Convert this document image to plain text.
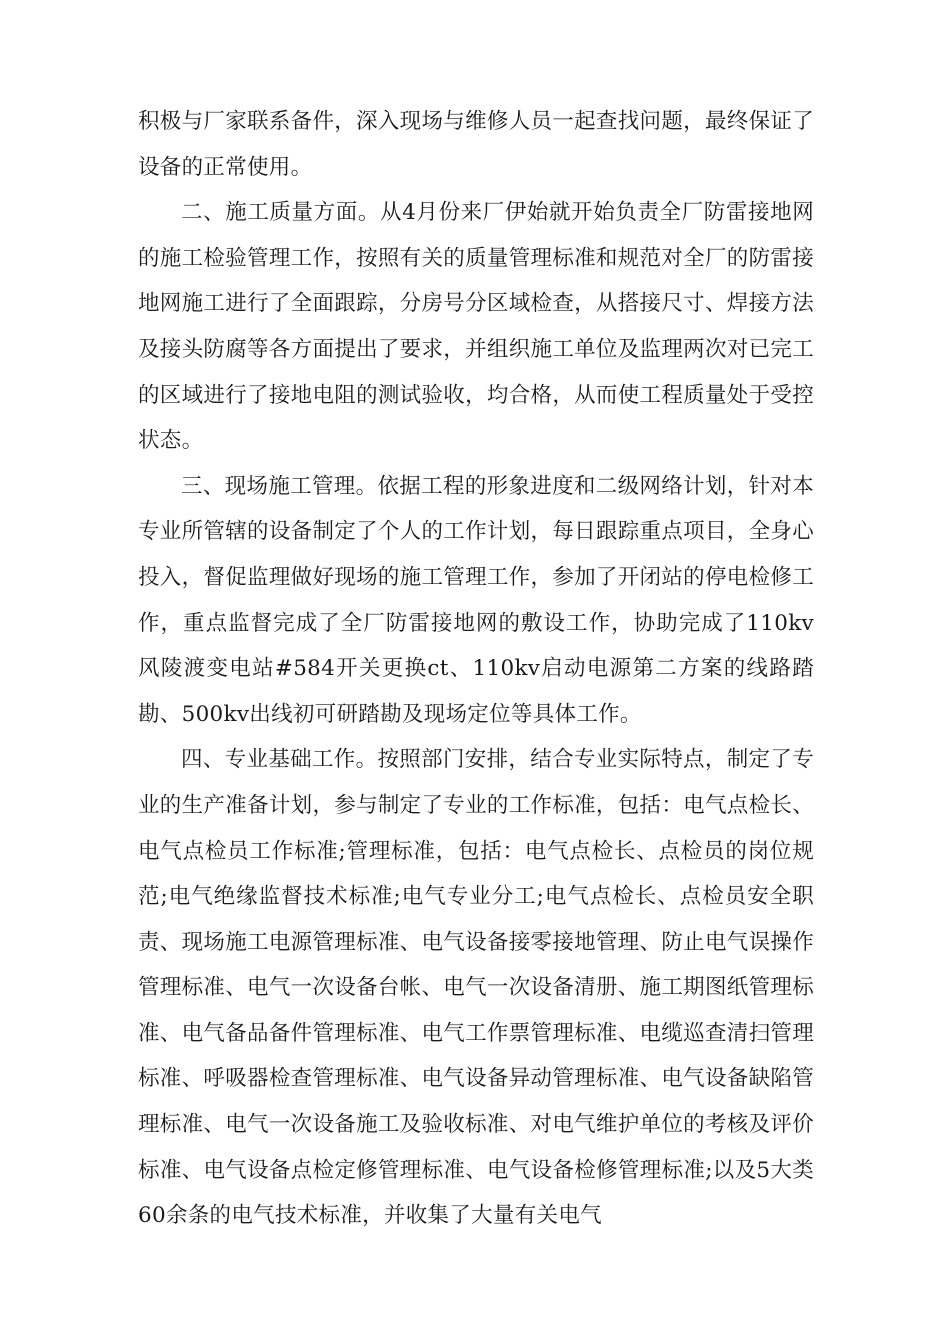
积极与厂家联系备件，深入现场与维修人员一起查找问题，最终保证了设备的正常使用。

二、施工质量方面。从4月份来厂伊始就开始负责全厂防雷接地网的施工检验管理工作，按照有关的质量管理标准和规范对全厂的防雷接地网施工进行了全面跟踪，分房号分区域检查，从搭接尺寸、焊接方法及接头防腐等各方面提出了要求，并组织施工单位及监理两次对已完工的区域进行了接地电阻的测试验收，均合格，从而使工程质量处于受控状态。

三、现场施工管理。依据工程的形象进度和二级网络计划，针对本专业所管辖的设备制定了个人的工作计划，每日跟踪重点项目，全身心投入，督促监理做好现场的施工管理工作，参加了开闭站的停电检修工作，重点监督完成了全厂防雷接地网的敷设工作，协助完成了110kv风陵渡变电站#584开关更换ct、110kv启动电源第二方案的线路踏勘、500kv出线初可研踏勘及现场定位等具体工作。

四、专业基础工作。按照部门安排，结合专业实际特点，制定了专业的生产准备计划，参与制定了专业的工作标准，包括：电气点检长、电气点检员工作标准;管理标准，包括：电气点检长、点检员的岗位规范;电气绝缘监督技术标准;电气专业分工;电气点检长、点检员安全职责、现场施工电源管理标准、电气设备接零接地管理、防止电气误操作管理标准、电气一次设备台帐、电气一次设备清册、施工期图纸管理标准、电气备品备件管理标准、电气工作票管理标准、电缆巡查清扫管理标准、呼吸器检查管理标准、电气设备异动管理标准、电气设备缺陷管理标准、电气一次设备施工及验收标准、对电气维护单位的考核及评价标准、电气设备点检定修管理标准、电气设备检修管理标准;以及5大类60余条的电气技术标准，并收集了大量有关电气
